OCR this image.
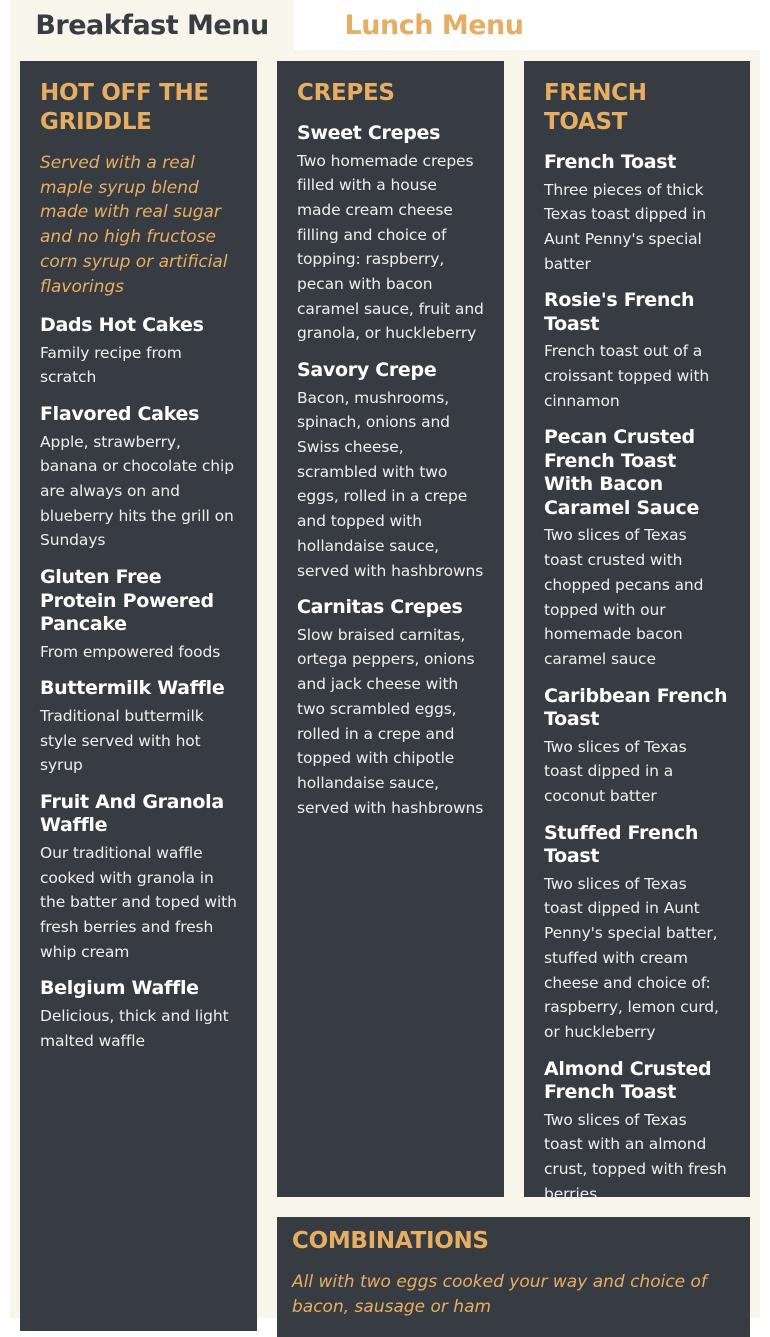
Breakfast Menu	Lunch Menu
HOT OFF THE GRIDDLE
Served with a real maple syrup blend made with real sugar and no high fructose corn syrup or artificial flavorings
Dads Hot Cakes
Family recipe from scratch
Flavored Cakes
Apple, strawberry, banana or chocolate chip are always on and blueberry hits the grill on Sundays
Gluten Free Protein Powered Pancake
From empowered foods
Buttermilk Waffle
Traditional buttermilk style served with hot syrup
Fruit And Granola Waffle
Our traditional waffle cooked with granola in the batter and toped with fresh berries and fresh whip cream
Belgium Waffle
Delicious, thick and light malted waffle
CREPES
Sweet Crepes
Two homemade crepes filled with a house made cream cheese filling and choice of topping: raspberry, pecan with bacon caramel sauce, fruit and granola, or huckleberry
Savory Crepe
Bacon, mushrooms, spinach, onions and Swiss cheese, scrambled with two eggs, rolled in a crepe and topped with hollandaise sauce, served with hashbrowns
Carnitas Crepes
Slow braised carnitas, ortega peppers, onions and jack cheese with two scrambled eggs, rolled in a crepe and topped with chipotle hollandaise sauce, served with hashbrowns
FRENCH TOAST
French Toast
Three pieces of thick Texas toast dipped in Aunt Penny's special batter
Rosie's French Toast
French toast out of a croissant topped with cinnamon
Pecan Crusted French Toast With Bacon Caramel Sauce
Two slices of Texas toast crusted with chopped pecans and topped with our homemade bacon caramel sauce
Caribbean French Toast
Two slices of Texas toast dipped in a coconut batter
Stuffed French Toast
Two slices of Texas toast dipped in Aunt Penny's special batter, stuffed with cream cheese and choice of: raspberry, lemon curd, or huckleberry
Almond Crusted French Toast
Two slices of Texas toast with an almond crust, topped with fresh berries
COMBINATIONS
All with two eggs cooked your way and choice of bacon, sausage or ham
